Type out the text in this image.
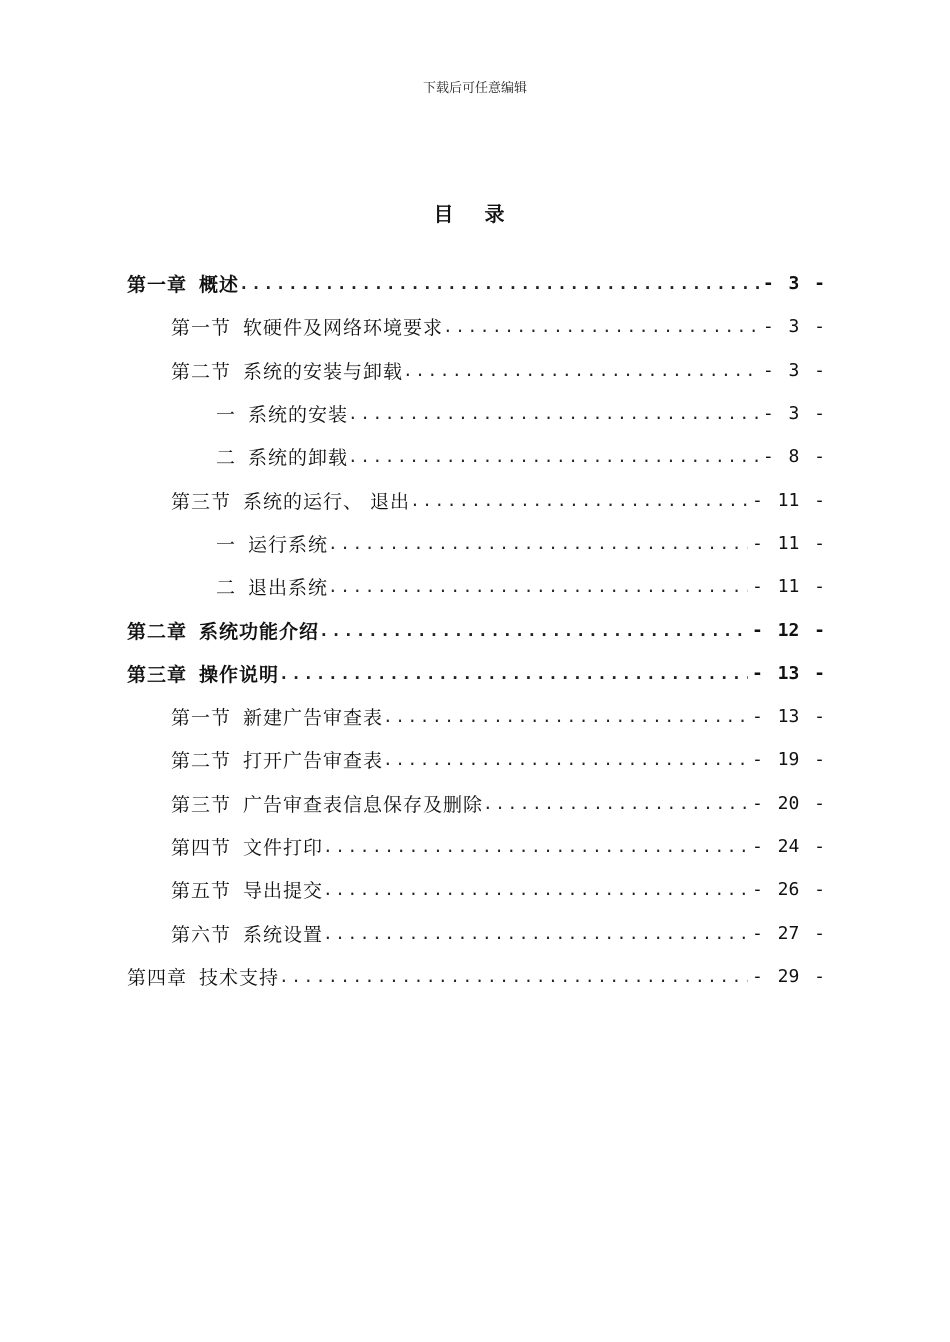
下载后可任意编辑
目 录
第一章 概述 .....	- 3 -
第一节 软硬件及网络环境要求 .....	- 3 -
第二节 系统的安装与卸载 .....	- 3 -
一 系统的安装 .....	- 3 -
二 系统的卸载 .....	- 8 -
第三节 系统的运行、 退出 .....	- 11 -
一 运行系统 .....	- 11 -
二 退出系统 .....	- 11 -
第二章 系统功能介绍 .....	- 12 -
第三章 操作说明 .....	- 13 -
第一节 新建广告审查表 .....	- 13 -
第二节 打开广告审查表 .....	- 19 -
第三节 广告审查表信息保存及删除 .....	- 20 -
第四节 文件打印 .....	- 24 -
第五节 导出提交 .....	- 26 -
第六节 系统设置 .....	- 27 -
第四章 技术支持 .....	- 29 -
